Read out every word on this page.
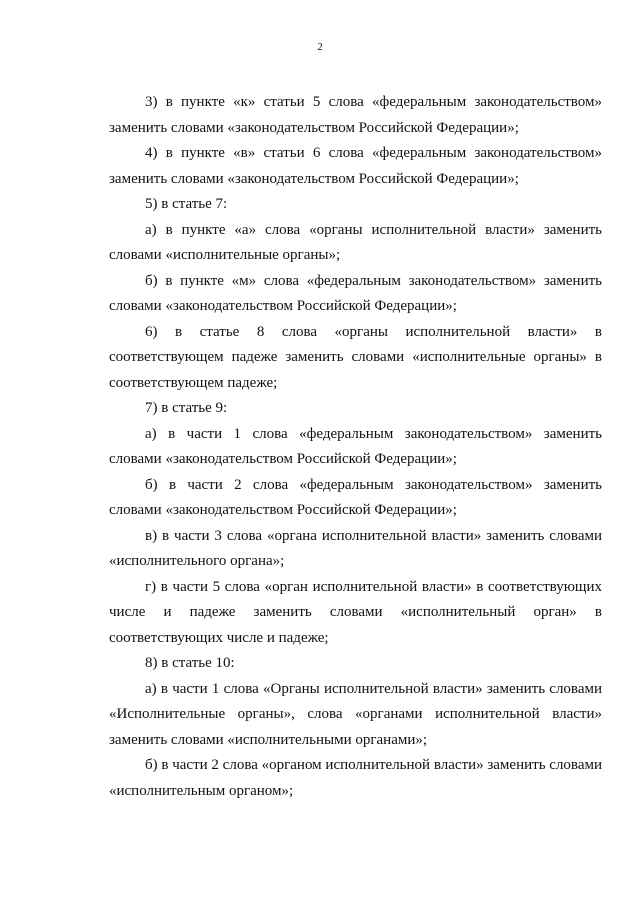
2

3) в пункте «к» статьи 5 слова «федеральным законодательством» заменить словами «законодательством Российской Федерации»;

4) в пункте «в» статьи 6 слова «федеральным законодательством» заменить словами «законодательством Российской Федерации»;

5) в статье 7:

а) в пункте «а» слова «органы исполнительной власти» заменить словами «исполнительные органы»;

б) в пункте «м» слова «федеральным законодательством» заменить словами «законодательством Российской Федерации»;

6) в статье 8 слова «органы исполнительной власти» в соответствующем падеже заменить словами «исполнительные органы» в соответствующем падеже;

7) в статье 9:

а) в части 1 слова «федеральным законодательством» заменить словами «законодательством Российской Федерации»;

б) в части 2 слова «федеральным законодательством» заменить словами «законодательством Российской Федерации»;

в) в части 3 слова «органа исполнительной власти» заменить словами «исполнительного органа»;

г) в части 5 слова «орган исполнительной власти» в соответствующих числе и падеже заменить словами «исполнительный орган» в соответствующих числе и падеже;

8) в статье 10:

а) в части 1 слова «Органы исполнительной власти» заменить словами «Исполнительные органы», слова «органами исполнительной власти» заменить словами «исполнительными органами»;

б) в части 2 слова «органом исполнительной власти» заменить словами «исполнительным органом»;
